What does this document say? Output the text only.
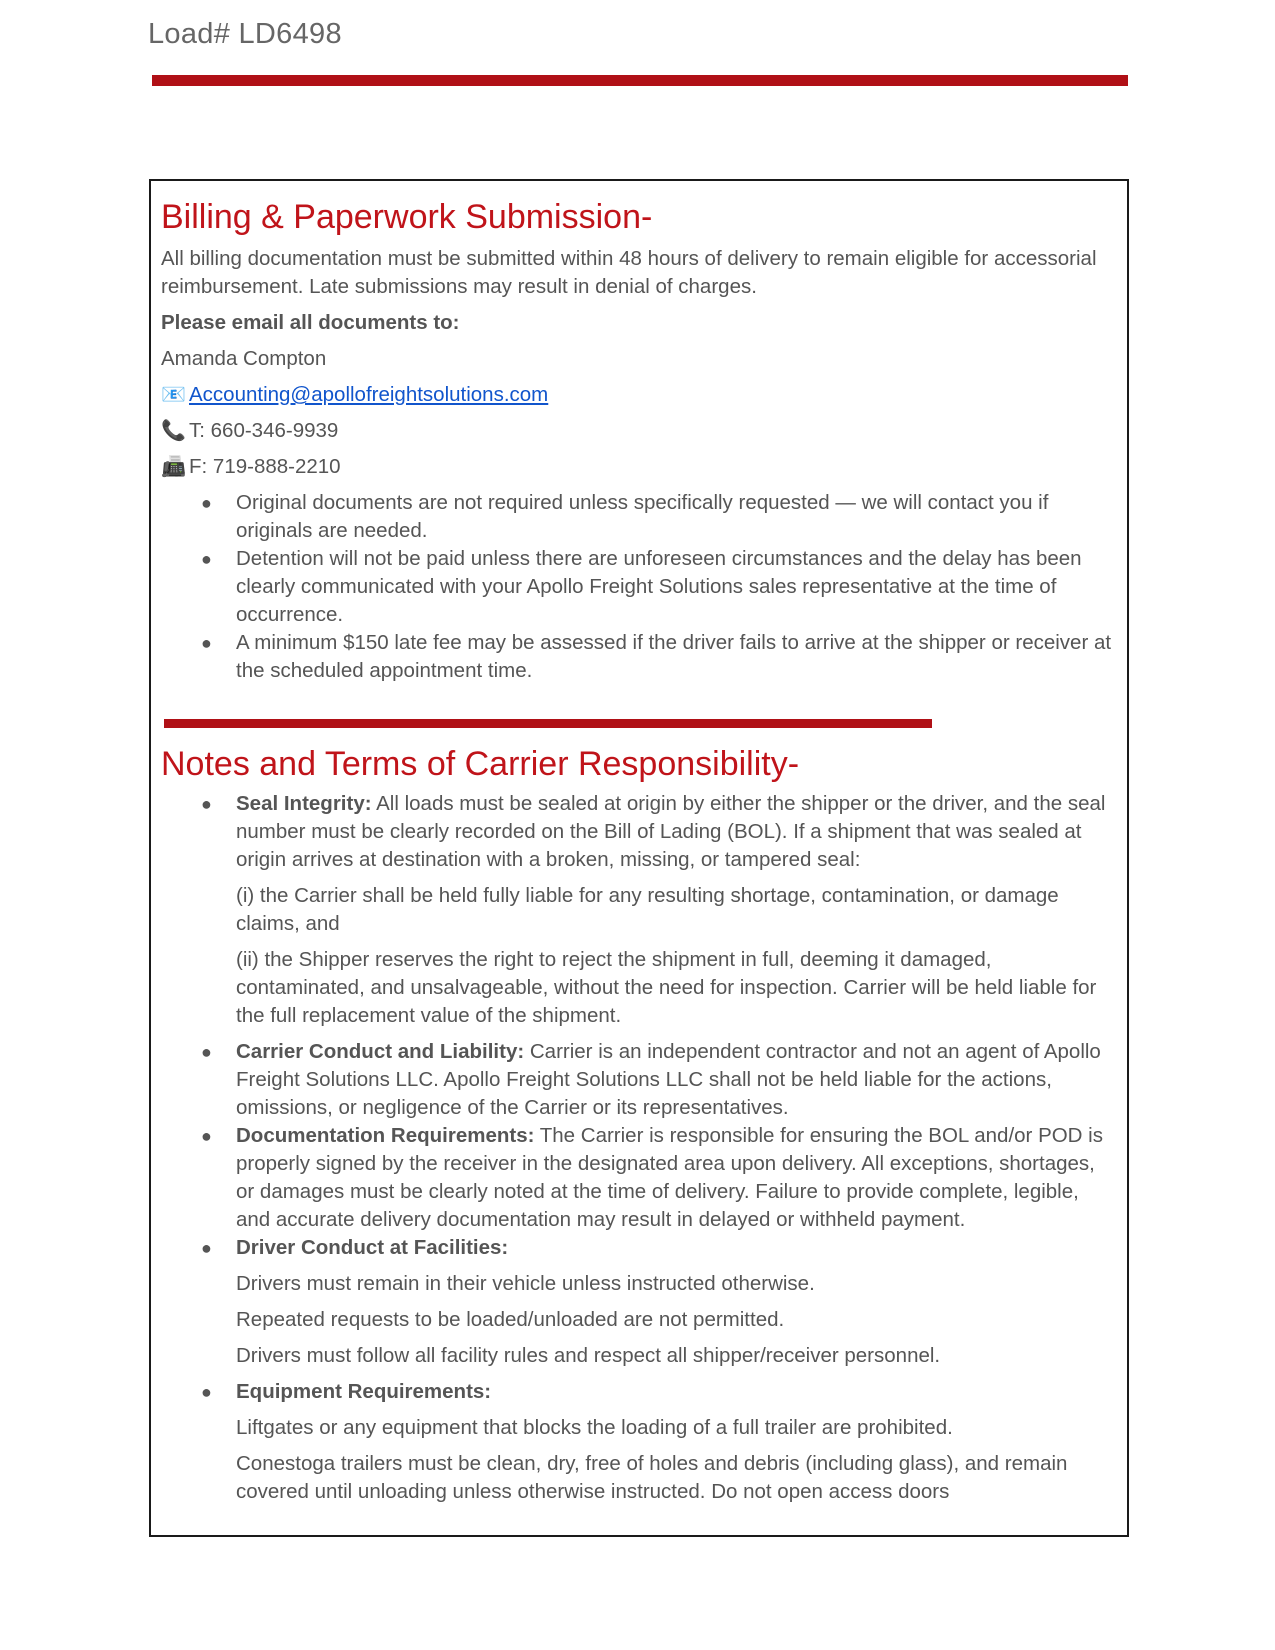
Load# LD6498
Billing & Paperwork Submission-

All billing documentation must be submitted within 48 hours of delivery to remain eligible for accessorial reimbursement. Late submissions may result in denial of charges.

Please email all documents to:

Amanda Compton

📧 Accounting@apollofreightsolutions.com

📞 T: 660-346-9939

📠 F: 719-888-2210

● Original documents are not required unless specifically requested — we will contact you if originals are needed.
● Detention will not be paid unless there are unforeseen circumstances and the delay has been clearly communicated with your Apollo Freight Solutions sales representative at the time of occurrence.
● A minimum $150 late fee may be assessed if the driver fails to arrive at the shipper or receiver at the scheduled appointment time.
Notes and Terms of Carrier Responsibility-
● Seal Integrity: All loads must be sealed at origin by either the shipper or the driver, and the seal number must be clearly recorded on the Bill of Lading (BOL). If a shipment that was sealed at origin arrives at destination with a broken, missing, or tampered seal:
(i) the Carrier shall be held fully liable for any resulting shortage, contamination, or damage claims, and
(ii) the Shipper reserves the right to reject the shipment in full, deeming it damaged, contaminated, and unsalvageable, without the need for inspection. Carrier will be held liable for the full replacement value of the shipment.
● Carrier Conduct and Liability: Carrier is an independent contractor and not an agent of Apollo Freight Solutions LLC. Apollo Freight Solutions LLC shall not be held liable for the actions, omissions, or negligence of the Carrier or its representatives.
● Documentation Requirements: The Carrier is responsible for ensuring the BOL and/or POD is properly signed by the receiver in the designated area upon delivery. All exceptions, shortages, or damages must be clearly noted at the time of delivery. Failure to provide complete, legible, and accurate delivery documentation may result in delayed or withheld payment.
● Driver Conduct at Facilities:
Drivers must remain in their vehicle unless instructed otherwise.
Repeated requests to be loaded/unloaded are not permitted.
Drivers must follow all facility rules and respect all shipper/receiver personnel.
● Equipment Requirements:
Liftgates or any equipment that blocks the loading of a full trailer are prohibited.
Conestoga trailers must be clean, dry, free of holes and debris (including glass), and remain covered until unloading unless otherwise instructed. Do not open access doors
